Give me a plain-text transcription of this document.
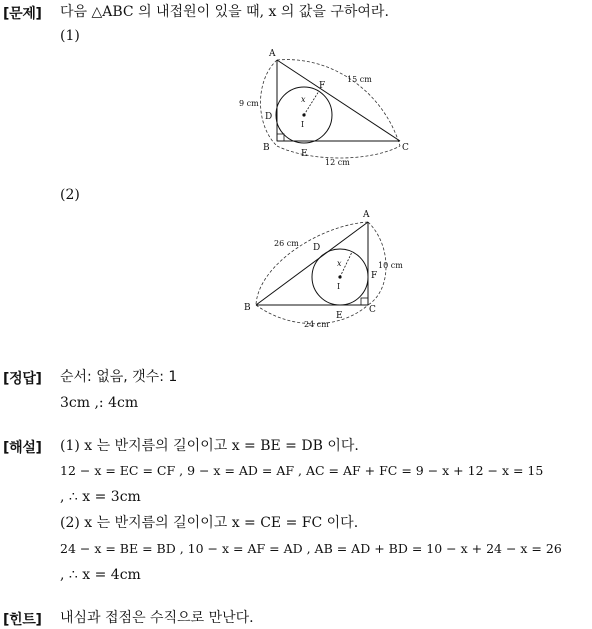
[문제] 다음 △ABC 의 내접원이 있을 때, x 의 값을 구하여라.
(1)
A
B	C
D
E
F
I
x
15 cm
9 cm
12 cm
(2)
A
B	C
D
E
F
I
x
26 cm
10 cm
24 cm
[정답] 순서: 없음, 갯수: 1
3cm ,: 4cm
[해설] (1) x 는 반지름의 길이이고 x = BE = DB 이다.
12 − x = EC = CF , 9 − x = AD = AF , AC = AF + FC = 9 − x + 12 − x = 15
, ∴ x = 3cm
(2) x 는 반지름의 길이이고 x = CE = FC 이다.
24 − x = BE = BD , 10 − x = AF = AD , AB = AD + BD = 10 − x + 24 − x = 26
, ∴ x = 4cm
[힌트] 내심과 접점은 수직으로 만난다.
